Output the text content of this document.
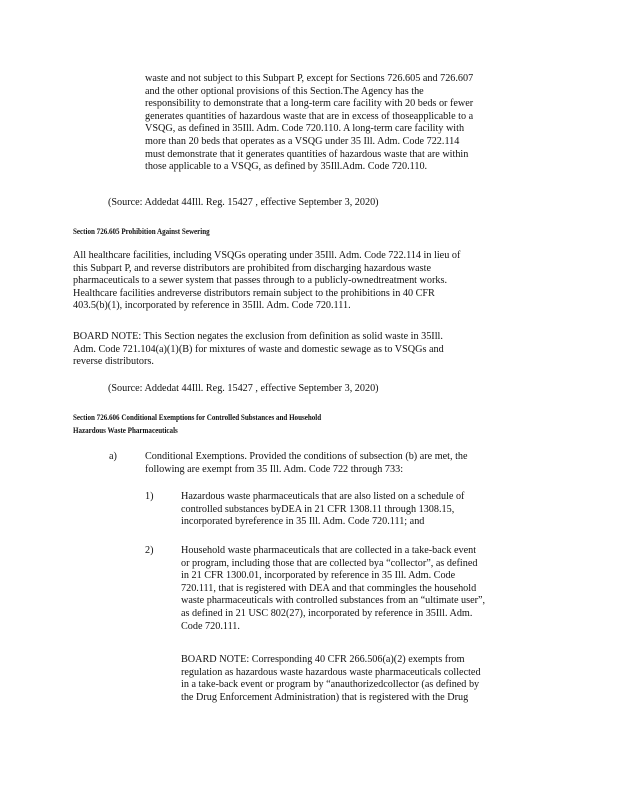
waste and not subject to this Subpart P, except for Sections 726.605 and 726.607
and the other optional provisions of this Section.The Agency has the
responsibility to demonstrate that a long-term care facility with 20 beds or fewer
generates quantities of hazardous waste that are in excess of thoseapplicable to a
VSQG, as defined in 35Ill. Adm. Code 720.110. A long-term care facility with
more than 20 beds that operates as a VSQG under 35 Ill. Adm. Code 722.114
must demonstrate that it generates quantities of hazardous waste that are within
those applicable to a VSQG, as defined by 35Ill.Adm. Code 720.110.

(Source: Addedat 44Ill. Reg. 15427 , effective September 3, 2020)

Section 726.605 Prohibition Against Sewering

All healthcare facilities, including VSQGs operating under 35Ill. Adm. Code 722.114 in lieu of
this Subpart P, and reverse distributors are prohibited from discharging hazardous waste
pharmaceuticals to a sewer system that passes through to a publicly-ownedtreatment works.
Healthcare facilities andreverse distributors remain subject to the prohibitions in 40 CFR
403.5(b)(1), incorporated by reference in 35Ill. Adm. Code 720.111.
BOARD NOTE: This Section negates the exclusion from definition as solid waste in 35Ill.
Adm. Code 721.104(a)(1)(B) for mixtures of waste and domestic sewage as to VSQGs and
reverse distributors.

(Source: Addedat 44Ill. Reg. 15427 , effective September 3, 2020)

Section 726.606 Conditional Exemptions for Controlled Substances and Household

Hazardous Waste Pharmaceuticals

a)	Conditional Exemptions. Provided the conditions of subsection (b) are met, the
following are exempt from 35 Ill. Adm. Code 722 through 733:

1)	Hazardous waste pharmaceuticals that are also listed on a schedule of
controlled substances byDEA in 21 CFR 1308.11 through 1308.15,
incorporated byreference in 35 Ill. Adm. Code 720.111; and

2)	Household waste pharmaceuticals that are collected in a take-back event
or program, including those that are collected bya “collector”, as defined
in 21 CFR 1300.01, incorporated by reference in 35 Ill. Adm. Code
720.111, that is registered with DEA and that commingles the household
waste pharmaceuticals with controlled substances from an “ultimate user”,
as defined in 21 USC 802(27), incorporated by reference in 35Ill. Adm.
Code 720.111.
BOARD NOTE: Corresponding 40 CFR 266.506(a)(2) exempts from
regulation as hazardous waste hazardous waste pharmaceuticals collected
in a take-back event or program by “anauthorizedcollector (as defined by
the Drug Enforcement Administration) that is registered with the Drug
